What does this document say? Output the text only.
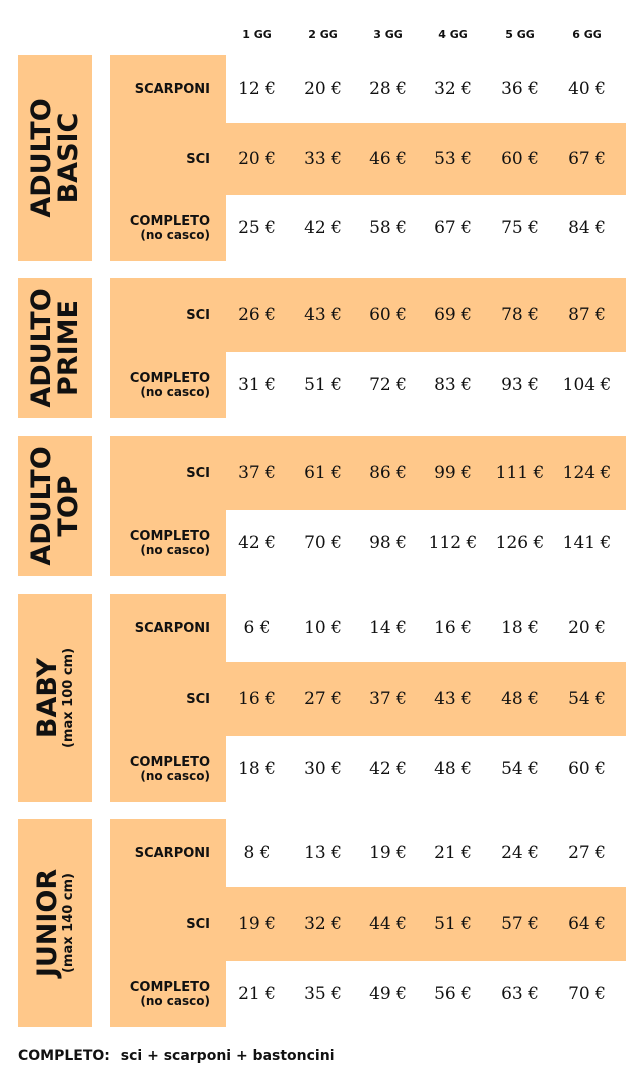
1 GG	2 GG	3 GG	4 GG	5 GG	6 GG
ADULTO
BASIC
SCARPONI	12 €	20 €	28 €	32 €	36 €	40 €
SCI	20 €	33 €	46 €	53 €	60 €	67 €
COMPLETO
(no casco)	25 €	42 €	58 €	67 €	75 €	84 €
ADULTO
PRIME	SCI	26 €	43 €	60 €	69 €	78 €	87 €
COMPLETO
(no casco)	31 €	51 €	72 €	83 €	93 €	104 €
ADULTO
TOP
SCI	37 €	61 €	86 €	99 €	111 €	124 €
COMPLETO
(no casco)	42 €	70 €	98 €	112 €	126 €	141 €
BABY
(max 100 cm)
SCARPONI	6 €	10 €	14 €	16 €	18 €	20 €
SCI	16 €	27 €	37 €	43 €	48 €	54 €
COMPLETO
(no casco)	18 €	30 €	42 €	48 €	54 €	60 €
JUNIOR
(max 140 cm)
SCARPONI	8 €	13 €	19 €	21 €	24 €	27 €
SCI	19 €	32 €	44 €	51 €	57 €	64 €
COMPLETO
(no casco)	21 €	35 €	49 €	56 €	63 €	70 €
COMPLETO: sci + scarponi + bastoncini
